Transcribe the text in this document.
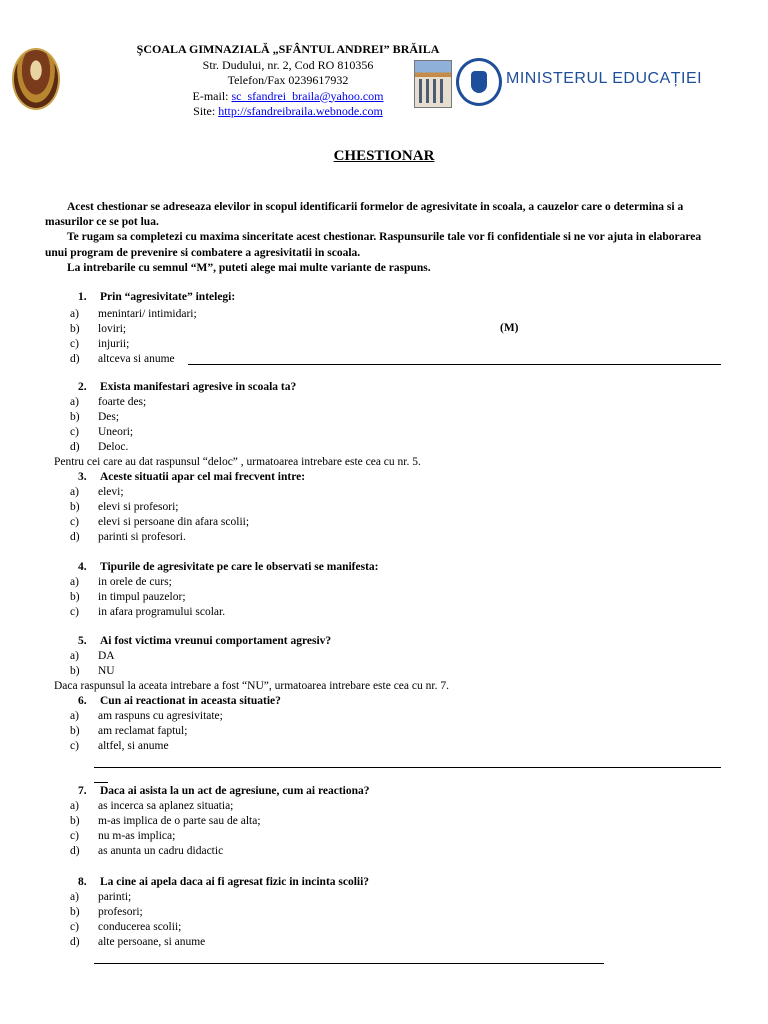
ŞCOALA GIMNAZIALĂ „SFÂNTUL ANDREI” BRĂILA
Str. Dudului, nr. 2, Cod RO 810356
Telefon/Fax 0239617932
E-mail: sc_sfandrei_braila@yahoo.com
Site: http://sfandreibraila.webnode.com
MINISTERUL EDUCAȚIEI
CHESTIONAR

Acest chestionar se adreseaza elevilor in scopul identificarii formelor de agresivitate in scoala, a cauzelor care o determina si a masurilor ce se pot lua.

Te rugam sa completezi cu maxima sinceritate acest chestionar. Raspunsurile tale vor fi confidentiale si ne vor ajuta in elaborarea unui program de prevenire si combatere a agresivitatii in scoala.

La intrebarile cu semnul “M”, puteti alege mai multe variante de raspuns.

(M)
1. Prin “agresivitate” intelegi:
a) menintari/ intimidari;
b) loviri;
c) injurii;
d) altceva si anume
2. Exista manifestari agresive in scoala ta?
a) foarte des;
b) Des;
c) Uneori;
d) Deloc.
Pentru cei care au dat raspunsul “deloc” , urmatoarea intrebare este cea cu nr. 5.
3. Aceste situatii apar cel mai frecvent intre:
a) elevi;
b) elevi si profesori;
c) elevi si persoane din afara scolii;
d) parinti si profesori.
4. Tipurile de agresivitate pe care le observati se manifesta:
a) in orele de curs;
b) in timpul pauzelor;
c) in afara programului scolar.
5. Ai fost victima vreunui comportament agresiv?
a) DA
b) NU
Daca raspunsul la aceata intrebare a fost “NU”, urmatoarea intrebare este cea cu nr. 7.
6. Cun ai reactionat in aceasta situatie?
a) am raspuns cu agresivitate;
b) am reclamat faptul;
c) altfel, si anume
7. Daca ai asista la un act de agresiune, cum ai reactiona?
a) as incerca sa aplanez situatia;
b) m-as implica de o parte sau de alta;
c) nu m-as implica;
d) as anunta un cadru didactic
8. La cine ai apela daca ai fi agresat fizic in incinta scolii?
a) parinti;
b) profesori;
c) conducerea scolii;
d) alte persoane, si anume
